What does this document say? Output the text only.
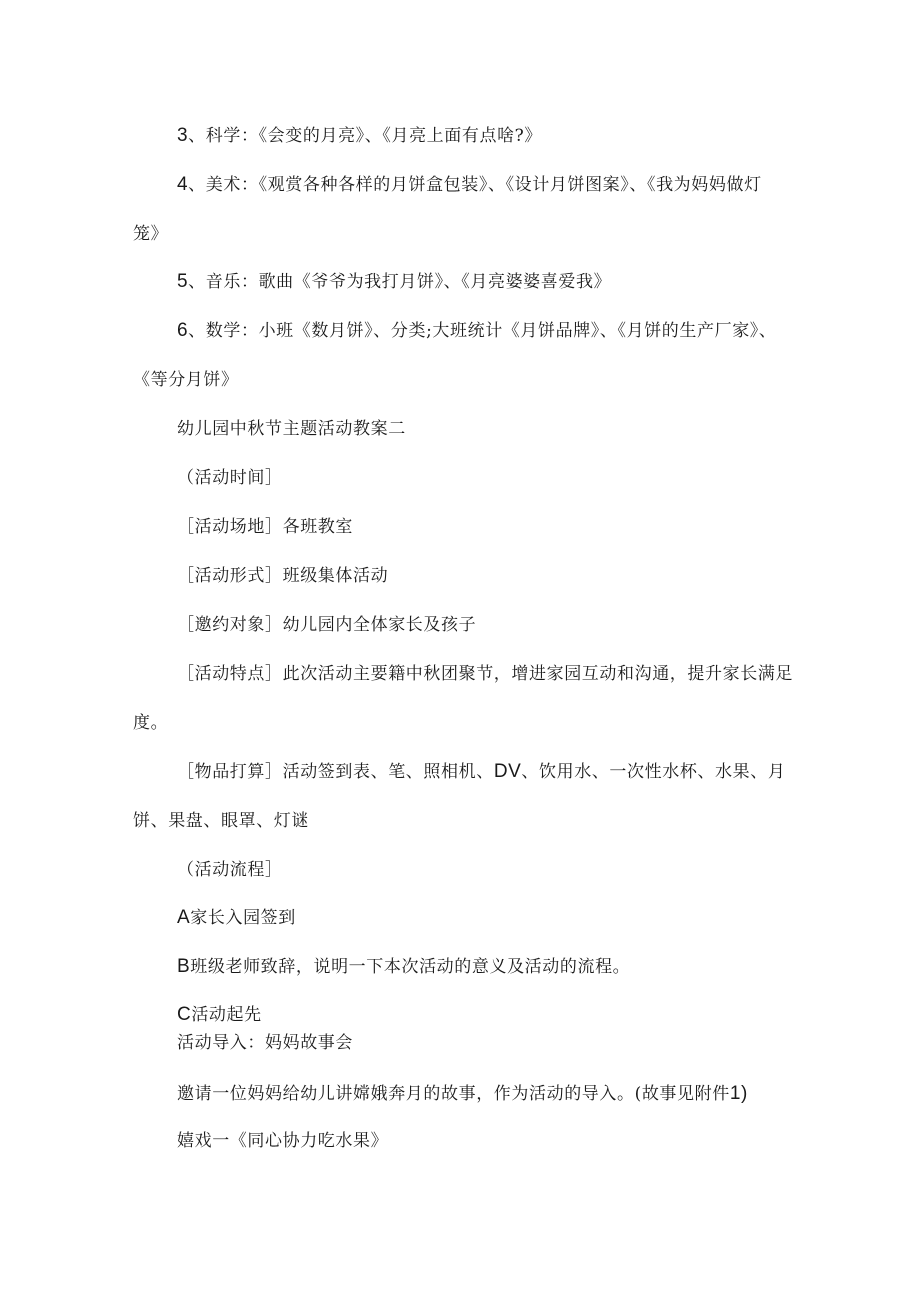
3、科学：《会变的月亮》、《月亮上面有点啥?》
4、美术：《观赏各种各样的月饼盒包装》、《设计月饼图案》、《我为妈妈做灯
笼》
5、音乐：歌曲《爷爷为我打月饼》、《月亮婆婆喜爱我》
6、数学：小班《数月饼》、分类;大班统计《月饼品牌》、《月饼的生产厂家》、
《等分月饼》
幼儿园中秋节主题活动教案二
（活动时间］
［活动场地］各班教室
［活动形式］班级集体活动
［邀约对象］幼儿园内全体家长及孩子
［活动特点］此次活动主要籍中秋团聚节，增进家园互动和沟通，提升家长满足
度。
［物品打算］活动签到表、笔、照相机、DV、饮用水、一次性水杯、水果、月
饼、果盘、眼罩、灯谜
（活动流程］
A家长入园签到
B班级老师致辞，说明一下本次活动的意义及活动的流程。
C活动起先
活动导入：妈妈故事会
邀请一位妈妈给幼儿讲嫦娥奔月的故事，作为活动的导入。(故事见附件1)
嬉戏一《同心协力吃水果》
